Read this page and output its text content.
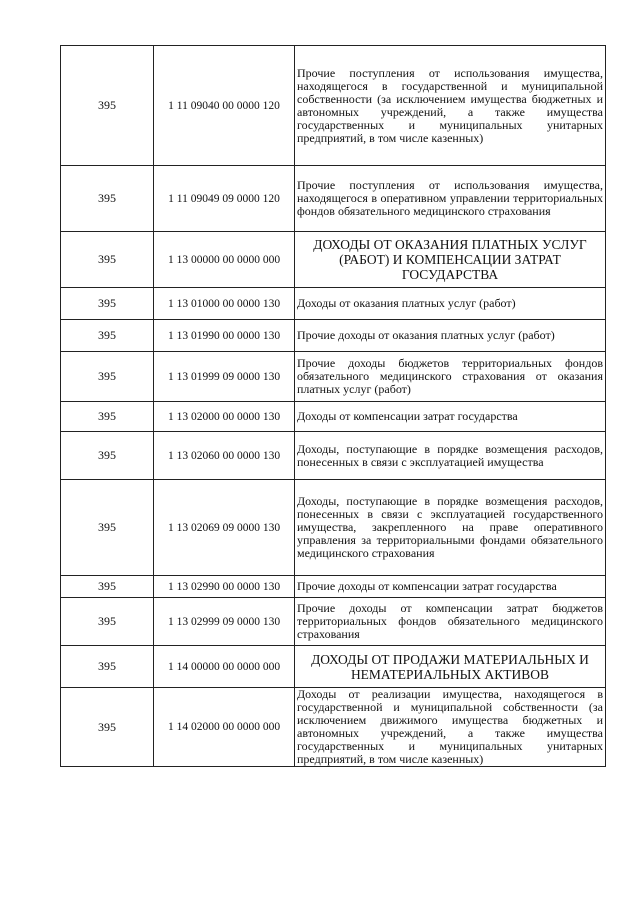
395	1 11 09040 00 0000 120	Прочие поступления от использования имущества, находящегося в государственной и муниципальной собственности (за исключением имущества бюджетных и автономных учреждений, а также имущества государственных и муниципальных унитарных предприятий, в том числе казенных)
395	1 11 09049 09 0000 120	Прочие поступления от использования имущества, находящегося в оперативном управлении территориальных фондов обязательного медицинского страхования
395	1 13 00000 00 0000 000	ДОХОДЫ ОТ ОКАЗАНИЯ ПЛАТНЫХ УСЛУГ (РАБОТ) И КОМПЕНСАЦИИ ЗАТРАТ ГОСУДАРСТВА
395	1 13 01000 00 0000 130	Доходы от оказания платных услуг (работ)
395	1 13 01990 00 0000 130	Прочие доходы от оказания платных услуг (работ)
395	1 13 01999 09 0000 130	Прочие доходы бюджетов территориальных фондов обязательного медицинского страхования от оказания платных услуг (работ)
395	1 13 02000 00 0000 130	Доходы от компенсации затрат государства
395	1 13 02060 00 0000 130	Доходы, поступающие в порядке возмещения расходов, понесенных в связи с эксплуатацией имущества
395	1 13 02069 09 0000 130	Доходы, поступающие в порядке возмещения расходов, понесенных в связи с эксплуатацией государственного имущества, закрепленного на праве оперативного управления за территориальными фондами обязательного медицинского страхования
395	1 13 02990 00 0000 130	Прочие доходы от компенсации затрат государства
395	1 13 02999 09 0000 130	Прочие доходы от компенсации затрат бюджетов территориальных фондов обязательного медицинского страхования
395	1 14 00000 00 0000 000	ДОХОДЫ ОТ ПРОДАЖИ МАТЕРИАЛЬНЫХ И НЕМАТЕРИАЛЬНЫХ АКТИВОВ
395	1 14 02000 00 0000 000	Доходы от реализации имущества, находящегося в государственной и муниципальной собственности (за исключением движимого имущества бюджетных и автономных учреждений, а также имущества государственных и муниципальных унитарных предприятий, в том числе казенных)
